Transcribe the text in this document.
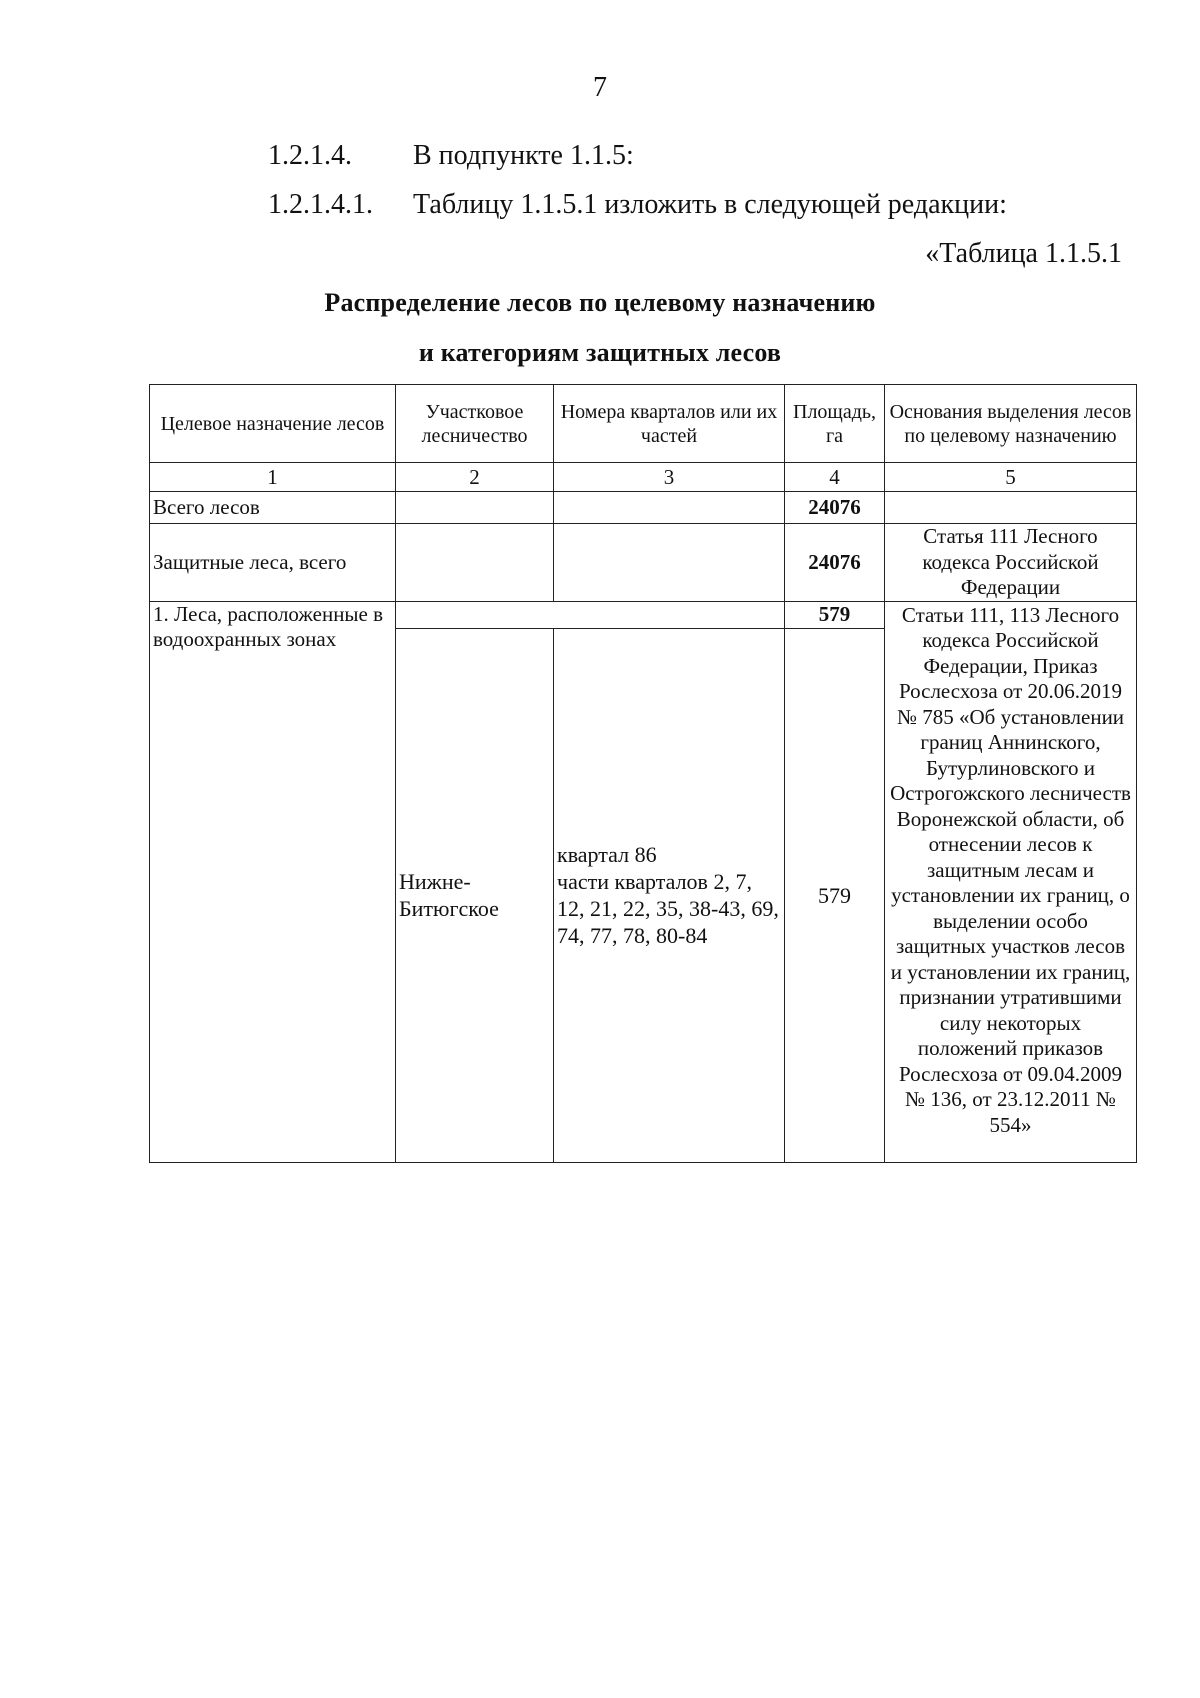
7
1.2.1.4. В подпункте 1.1.5:
1.2.1.4.1. Таблицу 1.1.5.1 изложить в следующей редакции:
«Таблица 1.1.5.1
Распределение лесов по целевому назначению
и категориям защитных лесов
Целевое назначение лесов	Участковое лесничество	Номера кварталов или их частей	Площадь, га	Основания выделения лесов по целевому назначению
1	2	3	4	5
Всего лесов			24076	
Защитные леса, всего			24076	Статья 111 Лесного кодекса Российской Федерации
1. Леса, расположенные в водоохранных зонах			579	Статьи 111, 113 Лесного кодекса Российской Федерации, Приказ Рослесхоза от 20.06.2019 № 785 «Об установлении границ Аннинского, Бутурлиновского и Острогожского лесничеств Воронежской области, об отнесении лесов к защитным лесам и установлении их границ, о выделении особо защитных участков лесов и установлении их границ, признании утратившими силу некоторых положений приказов Рослесхоза от 09.04.2009 № 136, от 23.12.2011 № 554»
	Нижне-Битюгское	квартал 86
части кварталов 2, 7, 12, 21, 22, 35, 38-43, 69, 74, 77, 78, 80-84	579	
